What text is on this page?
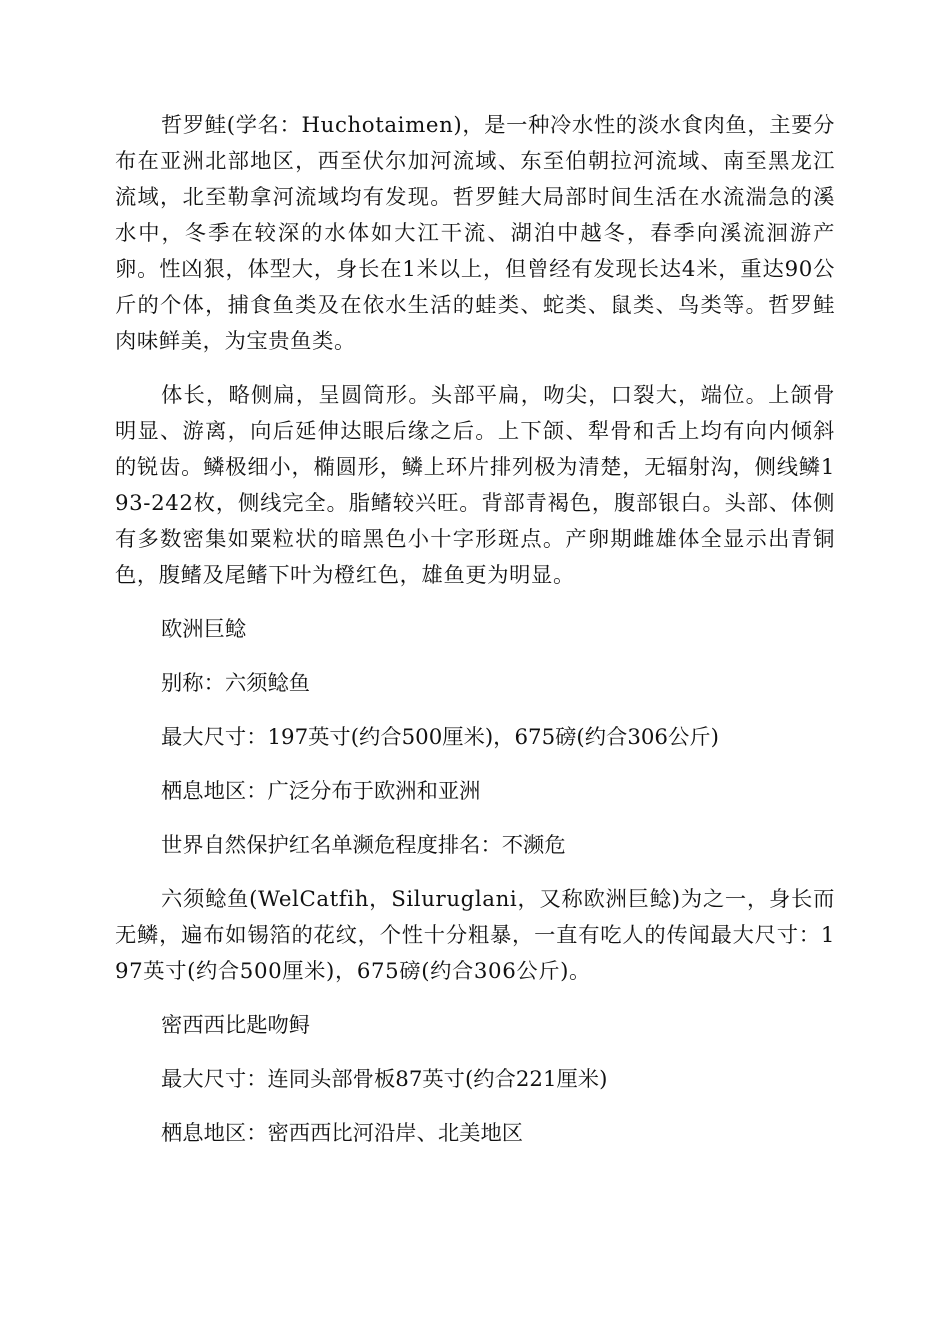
哲罗鲑(学名：Huchotaimen)，是一种冷水性的淡水食肉鱼，主要分布在亚洲北部地区，西至伏尔加河流域、东至伯朝拉河流域、南至黑龙江流域，北至勒拿河流域均有发现。哲罗鲑大局部时间生活在水流湍急的溪水中，冬季在较深的水体如大江干流、湖泊中越冬，春季向溪流洄游产卵。性凶狠，体型大，身长在1米以上，但曾经有发现长达4米，重达90公斤的个体，捕食鱼类及在依水生活的蛙类、蛇类、鼠类、鸟类等。哲罗鲑肉味鲜美，为宝贵鱼类。

体长，略侧扁，呈圆筒形。头部平扁，吻尖，口裂大，端位。上颌骨明显、游离，向后延伸达眼后缘之后。上下颌、犁骨和舌上均有向内倾斜的锐齿。鳞极细小，椭圆形，鳞上环片排列极为清楚，无辐射沟，侧线鳞193-242枚，侧线完全。脂鳍较兴旺。背部青褐色，腹部银白。头部、体侧有多数密集如粟粒状的暗黑色小十字形斑点。产卵期雌雄体全显示出青铜色，腹鳍及尾鳍下叶为橙红色，雄鱼更为明显。

欧洲巨鲶

别称：六须鲶鱼

最大尺寸：197英寸(约合500厘米)，675磅(约合306公斤)

栖息地区：广泛分布于欧洲和亚洲

世界自然保护红名单濒危程度排名：不濒危

六须鲶鱼(WelCatfih，Siluruglani，又称欧洲巨鲶)为之一，身长而无鳞，遍布如锡箔的花纹，个性十分粗暴，一直有吃人的传闻最大尺寸：197英寸(约合500厘米)，675磅(约合306公斤)。

密西西比匙吻鲟

最大尺寸：连同头部骨板87英寸(约合221厘米)

栖息地区：密西西比河沿岸、北美地区
